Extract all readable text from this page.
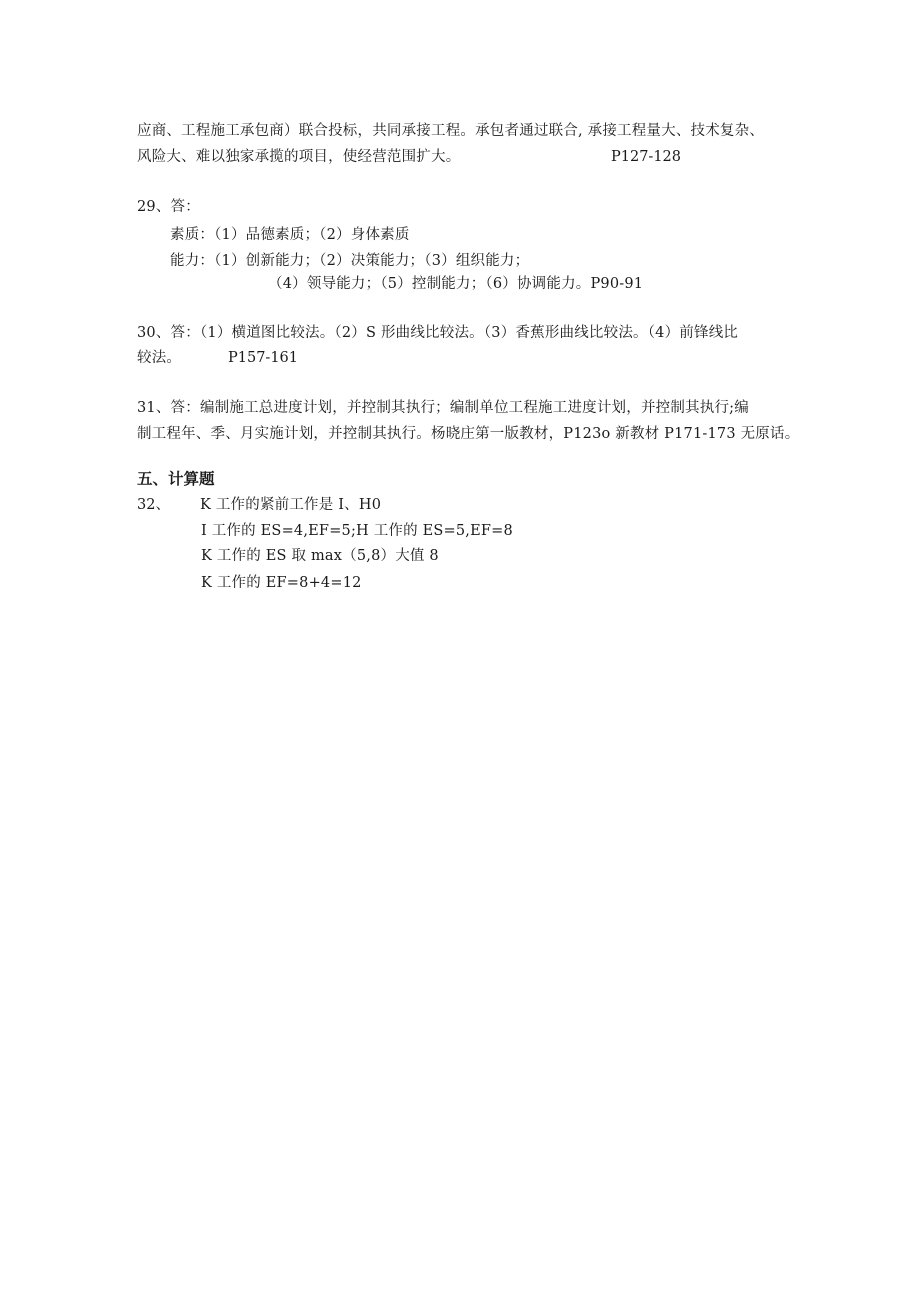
应商、工程施工承包商）联合投标，共同承接工程。承包者通过联合, 承接工程量大、技术复杂、
风险大、难以独家承揽的项目，使经营范围扩大。	P127-128
29、答：
素质：（1）品德素质；（2）身体素质
能力：（1）创新能力；（2）决策能力；（3）组织能力；
（4）领导能力；（5）控制能力；（6）协调能力。P90-91
30、答：（1）横道图比较法。（2）S 形曲线比较法。（3）香蕉形曲线比较法。（4）前锋线比
较法。	P157-161
31、答：编制施工总进度计划，并控制其执行；编制单位工程施工进度计划，并控制其执行;编
制工程年、季、月实施计划，并控制其执行。杨晓庄第一版教材，P123o 新教材 P171-173 无原话。
五、计算题
32、 K 工作的紧前工作是 I、H0
I 工作的 ES=4,EF=5;H 工作的 ES=5,EF=8
K 工作的 ES 取 max（5,8）大值 8
K 工作的 EF=8+4=12
